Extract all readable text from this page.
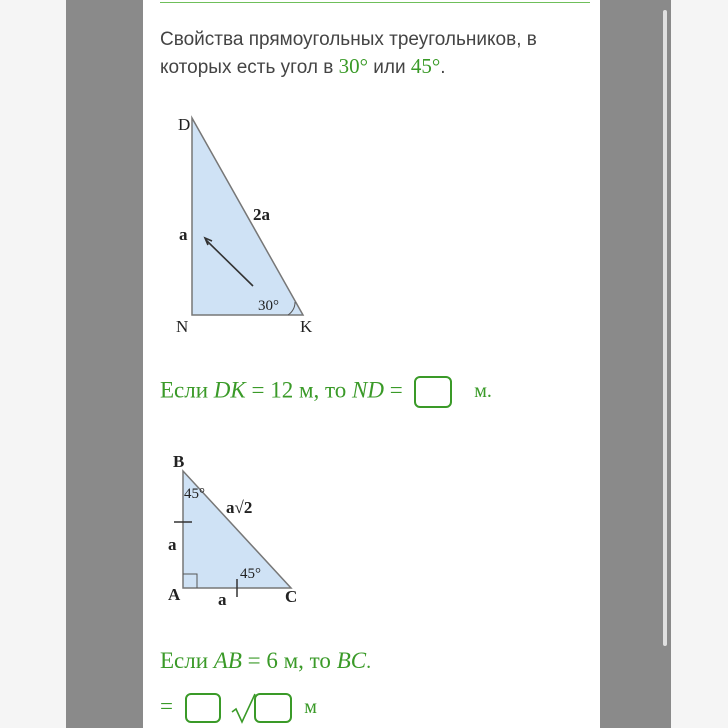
Свойства прямоугольных треугольников, в которых есть угол в 30° или 45°.
D
N	K
a
2a
30°
Если DK = 12 м, то ND =	м.
B
A	C
a
a
a√2
45°
45°
Если AB = 6 м, то BC.
=	м
